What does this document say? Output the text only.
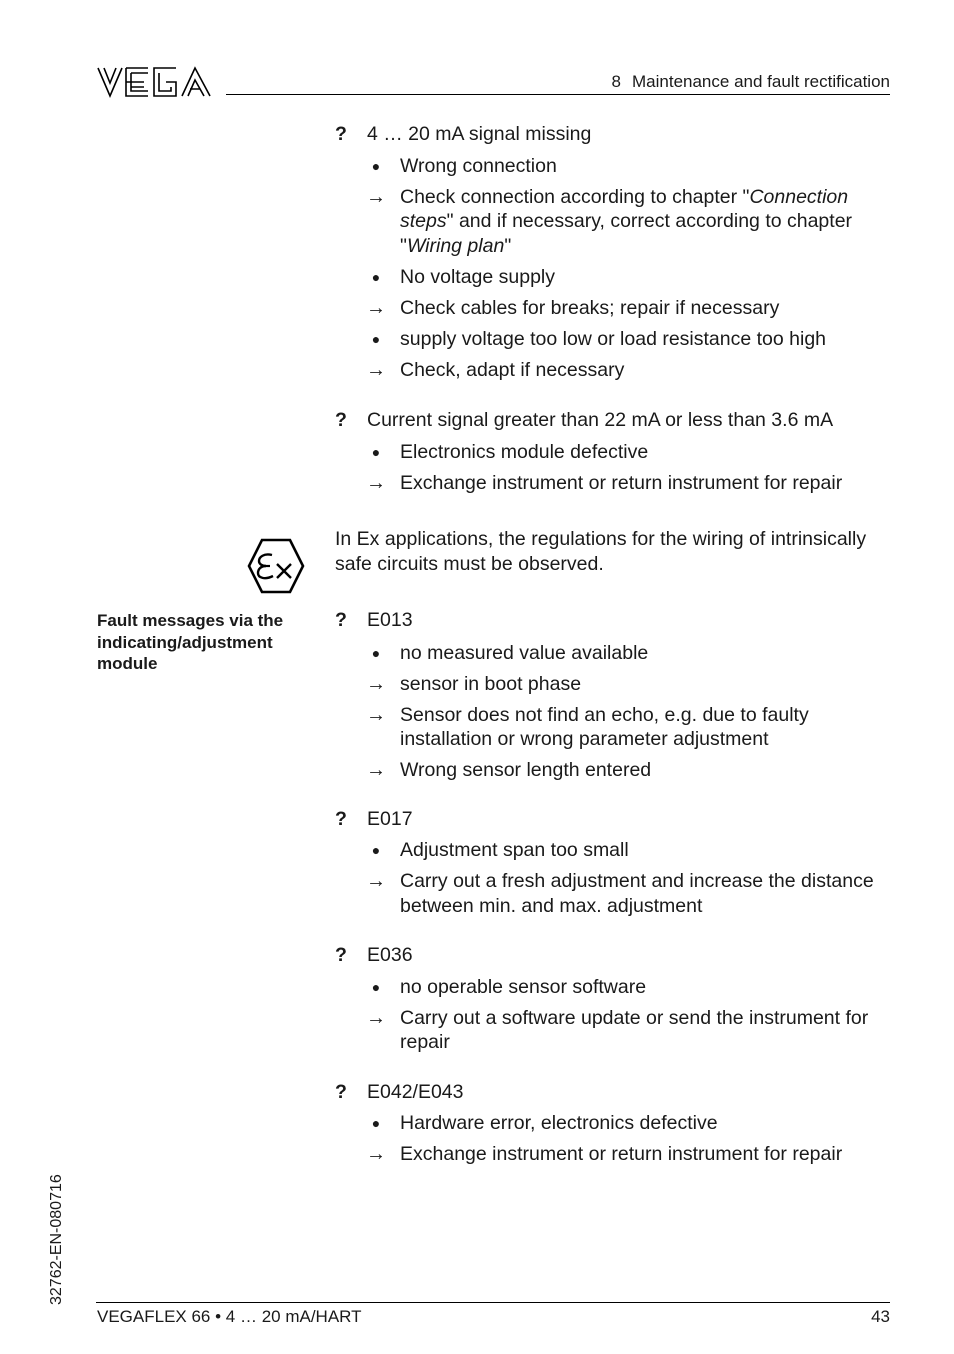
8 Maintenance and fault rectification
? 4 … 20 mA signal missing
● Wrong connection
→ Check connection according to chapter "Connection steps" and if necessary, correct according to chapter "Wiring plan"
● No voltage supply
→ Check cables for breaks; repair if necessary
● supply voltage too low or load resistance too high
→ Check, adapt if necessary
? Current signal greater than 22 mA or less than 3.6 mA
● Electronics module defective
→ Exchange instrument or return instrument for repair
In Ex applications, the regulations for the wiring of intrinsically safe circuits must be observed.
Fault messages via the indicating/adjustment module
? E013
● no measured value available
→ sensor in boot phase
→ Sensor does not find an echo, e.g. due to faulty installation or wrong parameter adjustment
→ Wrong sensor length entered
? E017
● Adjustment span too small
→ Carry out a fresh adjustment and increase the distance between min. and max. adjustment
? E036
● no operable sensor software
→ Carry out a software update or send the instrument for repair
? E042/E043
● Hardware error, electronics defective
→ Exchange instrument or return instrument for repair
32762-EN-080716
VEGAFLEX 66 • 4 … 20 mA/HART	43
